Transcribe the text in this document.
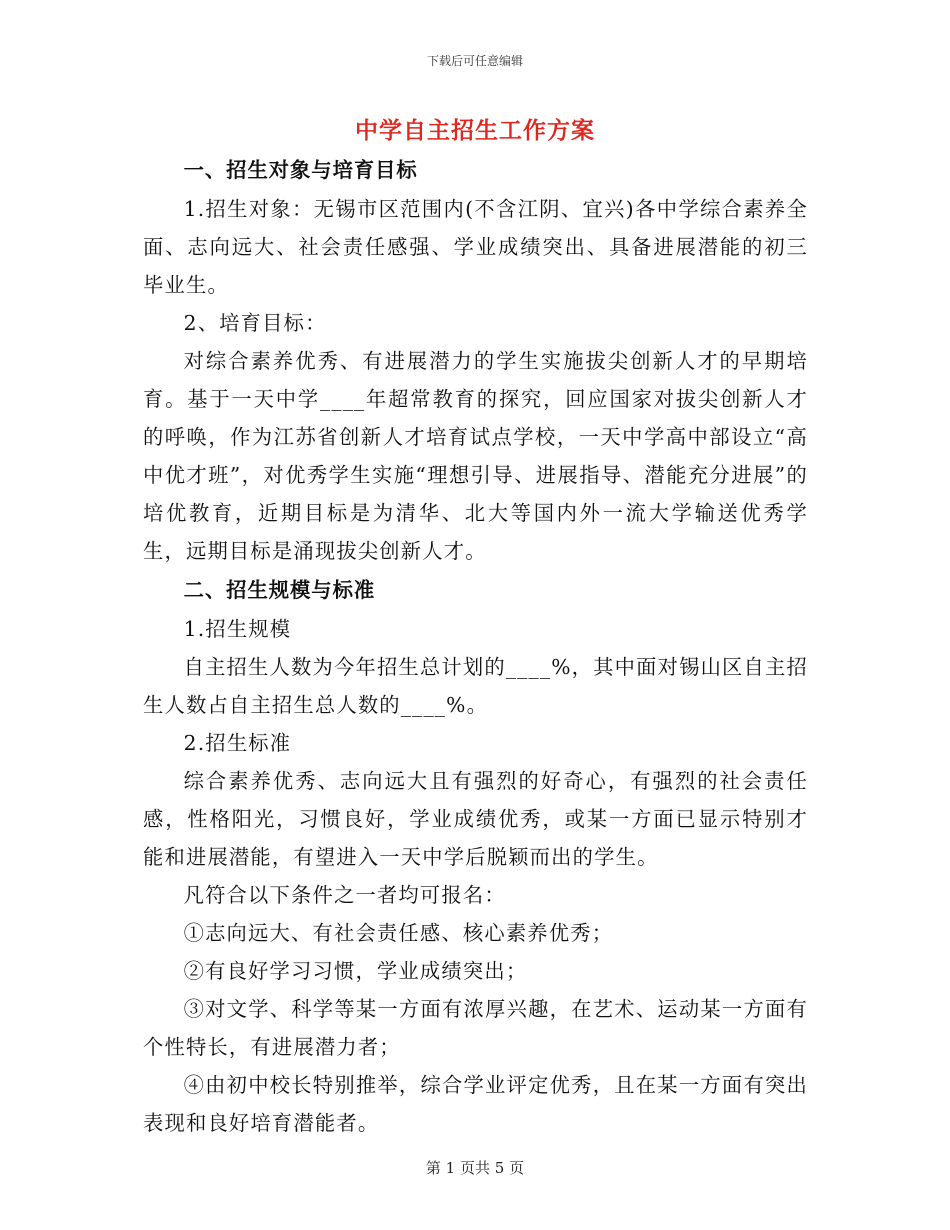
下载后可任意编辑
中学自主招生工作方案

一、招生对象与培育目标

1.招生对象：无锡市区范围内(不含江阴、宜兴)各中学综合素养全面、志向远大、社会责任感强、学业成绩突出、具备进展潜能的初三毕业生。

2、培育目标：

对综合素养优秀、有进展潜力的学生实施拔尖创新人才的早期培育。基于一天中学____年超常教育的探究，回应国家对拔尖创新人才的呼唤，作为江苏省创新人才培育试点学校，一天中学高中部设立“高中优才班”，对优秀学生实施“理想引导、进展指导、潜能充分进展”的培优教育，近期目标是为清华、北大等国内外一流大学输送优秀学生，远期目标是涌现拔尖创新人才。

二、招生规模与标准

1.招生规模

自主招生人数为今年招生总计划的____%，其中面对锡山区自主招生人数占自主招生总人数的____%。

2.招生标准

综合素养优秀、志向远大且有强烈的好奇心，有强烈的社会责任感，性格阳光，习惯良好，学业成绩优秀，或某一方面已显示特别才能和进展潜能，有望进入一天中学后脱颖而出的学生。

凡符合以下条件之一者均可报名：

①志向远大、有社会责任感、核心素养优秀；

②有良好学习习惯，学业成绩突出；

③对文学、科学等某一方面有浓厚兴趣，在艺术、运动某一方面有个性特长，有进展潜力者；

④由初中校长特别推举，综合学业评定优秀，且在某一方面有突出表现和良好培育潜能者。

第 1 页共 5 页
